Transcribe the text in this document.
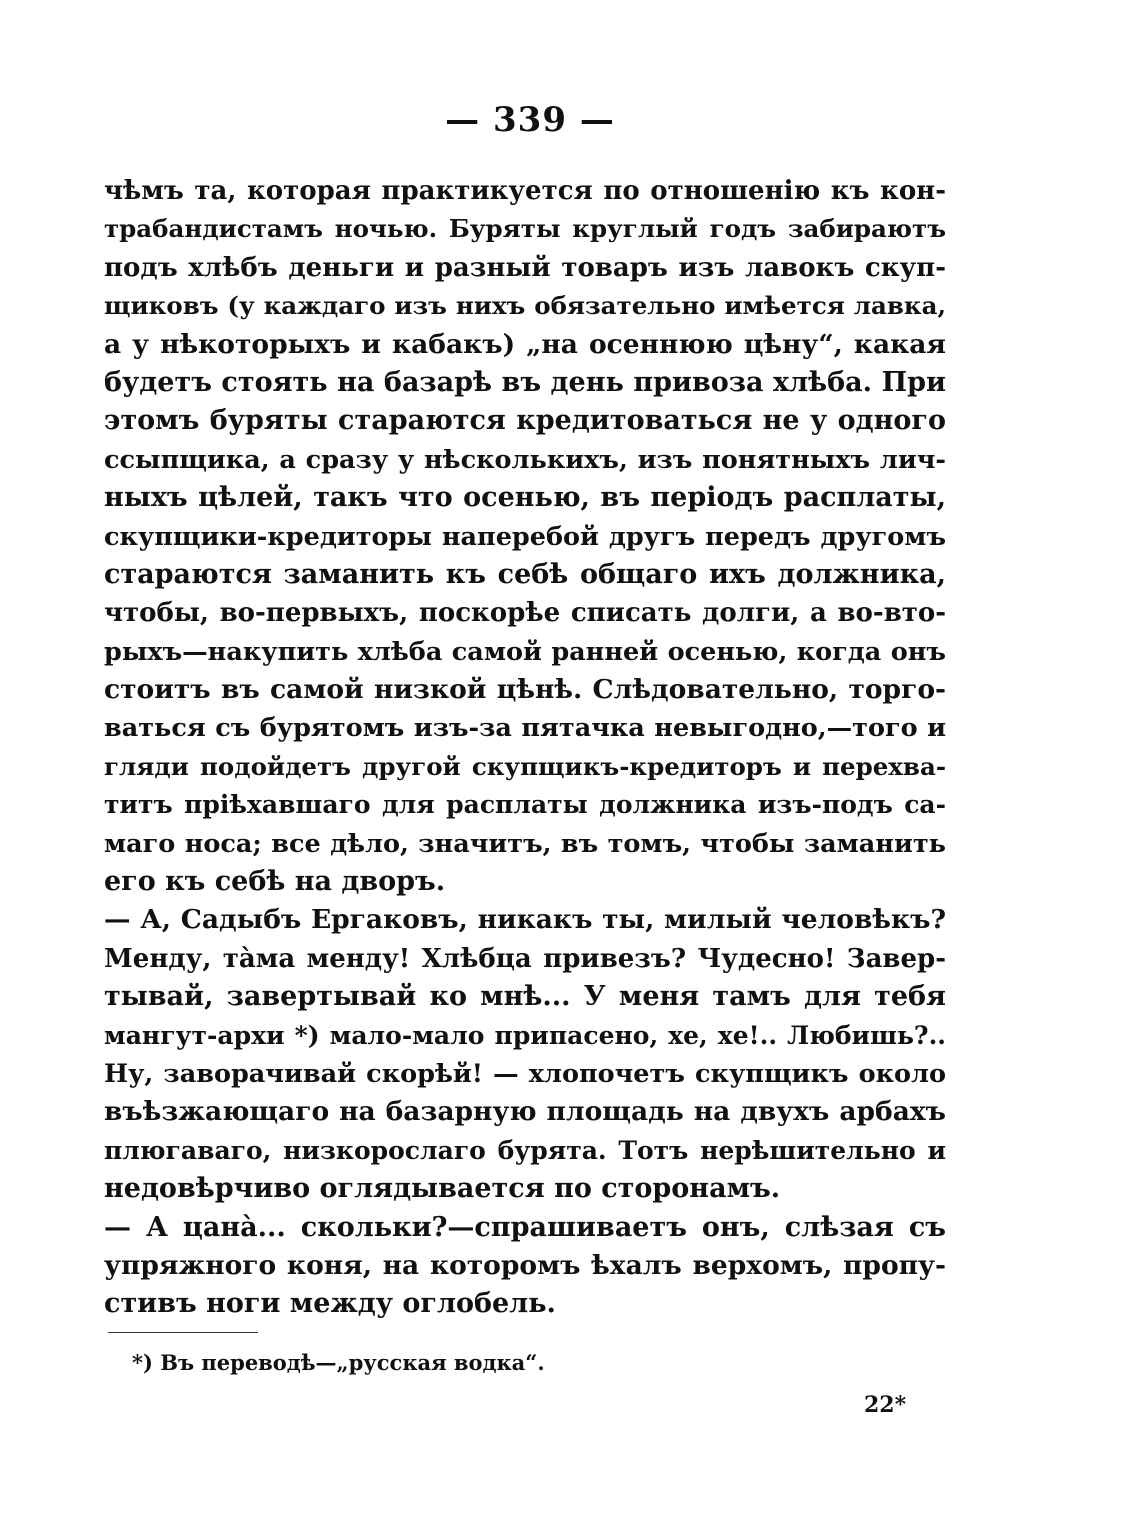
— 339 —
чѣмъ та, которая практикуется по отношенію къ кон-
трабандистамъ ночью. Буряты круглый годъ забираютъ
подъ хлѣбъ деньги и разный товаръ изъ лавокъ скуп-
щиковъ (у каждаго изъ нихъ обязательно имѣется лавка,
а у нѣкоторыхъ и кабакъ) „на осеннюю цѣну“, какая
будетъ стоять на базарѣ въ день привоза хлѣба. При
этомъ буряты стараются кредитоваться не у одного
ссыпщика, а сразу у нѣсколькихъ, изъ понятныхъ лич-
ныхъ цѣлей, такъ что осенью, въ періодъ расплаты,
скупщики-кредиторы наперебой другъ передъ другомъ
стараются заманить къ себѣ общаго ихъ должника,
чтобы, во-первыхъ, поскорѣе списать долги, а во-вто-
рыхъ—накупить хлѣба самой ранней осенью, когда онъ
стоитъ въ самой низкой цѣнѣ. Слѣдовательно, торго-
ваться съ бурятомъ изъ-за пятачка невыгодно,—того и
гляди подойдетъ другой скупщикъ-кредиторъ и перехва-
титъ пріѣхавшаго для расплаты должника изъ-подъ са-
маго носа; все дѣло, значитъ, въ томъ, чтобы заманить
его къ себѣ на дворъ.
— А, Садыбъ Ергаковъ, никакъ ты, милый человѣкъ?
Менду, тàма менду! Хлѣбца привезъ? Чудесно! Завер-
тывай, завертывай ко мнѣ... У меня тамъ для тебя
мангут-архи *) мало-мало припасено, хе, хе!.. Любишь?..
Ну, заворачивай скорѣй! — хлопочетъ скупщикъ около
въѣзжающаго на базарную площадь на двухъ арбахъ
плюгаваго, низкорослаго бурята. Тотъ нерѣшительно и
недовѣрчиво оглядывается по сторонамъ.
— А цанà... скольки?—спрашиваетъ онъ, слѣзая съ
упряжного коня, на которомъ ѣхалъ верхомъ, пропу-
стивъ ноги между оглобель.
*) Въ переводѣ—„русская водка“.
22*
